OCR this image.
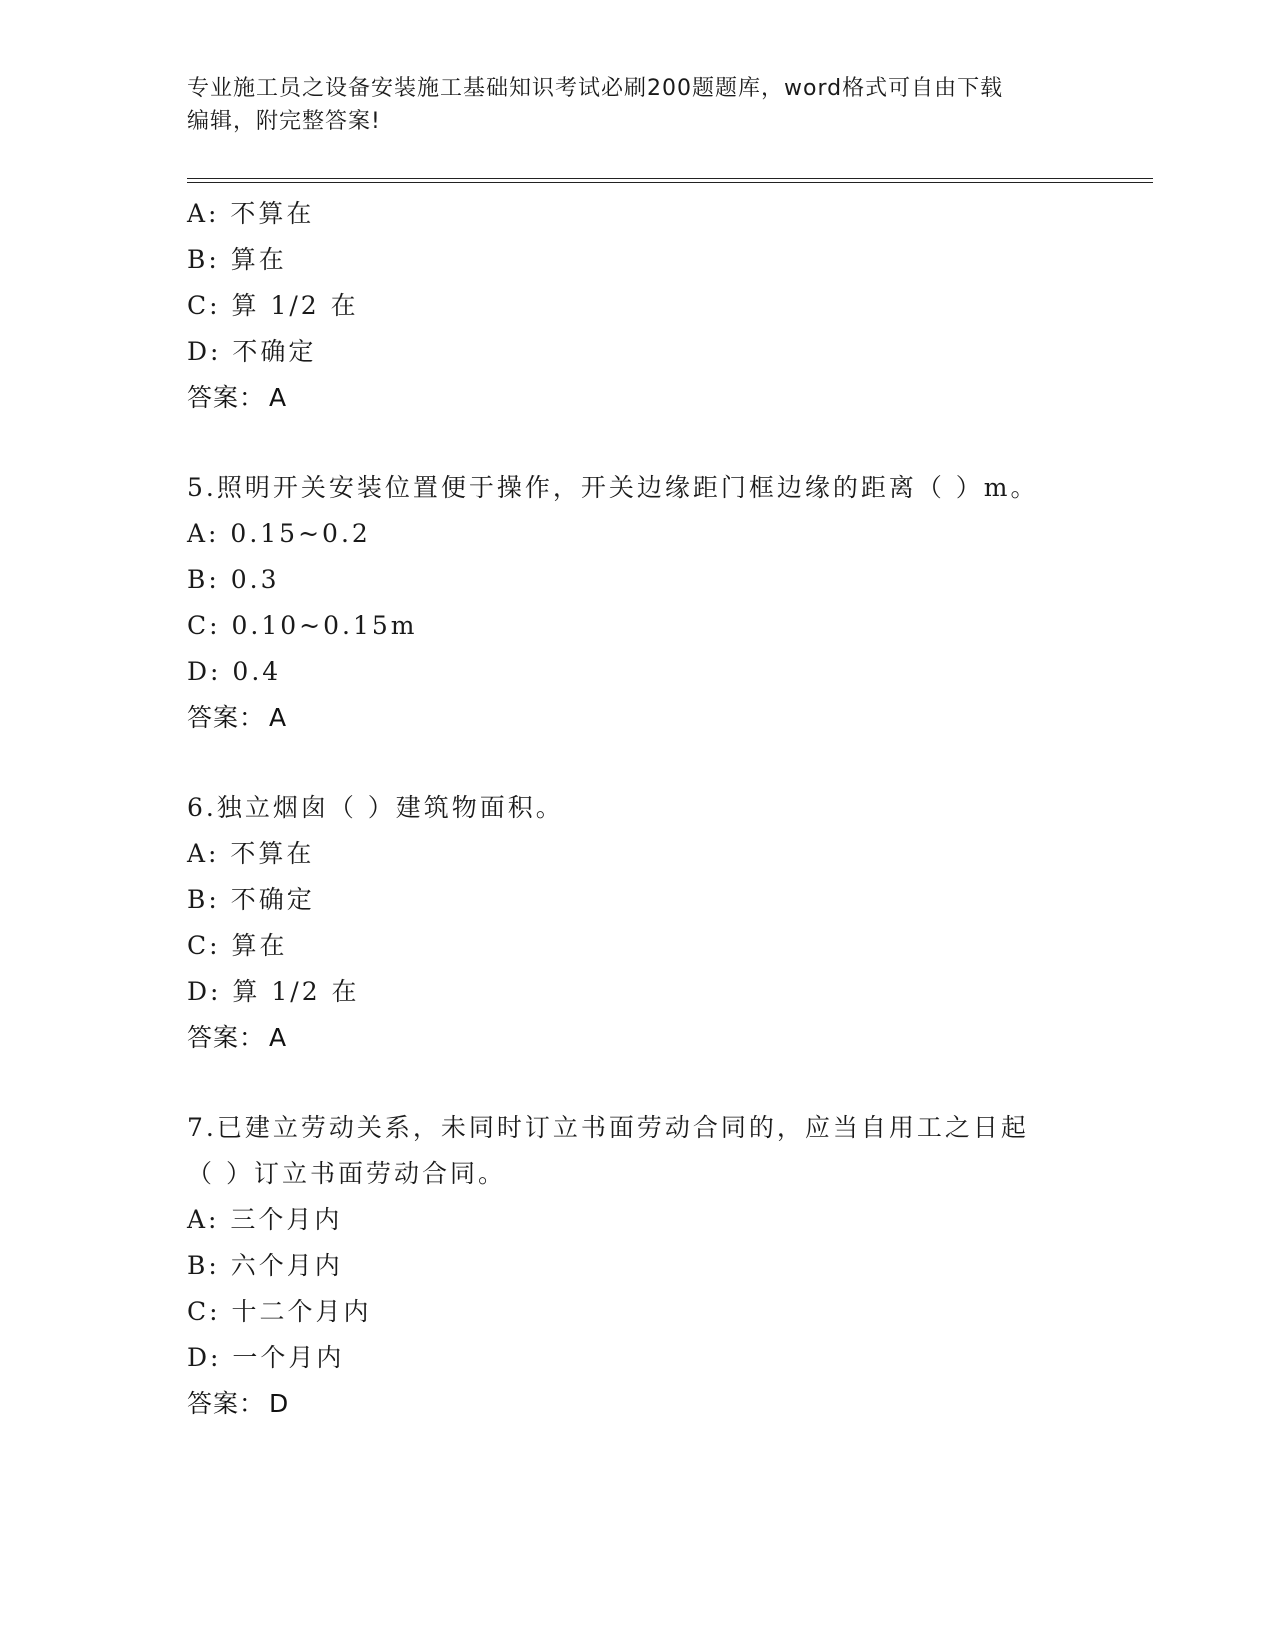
专业施工员之设备安装施工基础知识考试必刷200题题库，word格式可自由下载
编辑，附完整答案!
A: 不算在
B: 算在
C: 算 1/2 在
D: 不确定
答案： A
5.照明开关安装位置便于操作，开关边缘距门框边缘的距离（ ）m。
A: 0.15~0.2
B: 0.3
C: 0.10~0.15m
D: 0.4
答案： A
6.独立烟囱（ ）建筑物面积。
A: 不算在
B: 不确定
C: 算在
D: 算 1/2 在
答案： A
7.已建立劳动关系，未同时订立书面劳动合同的，应当自用工之日起
（ ）订立书面劳动合同。
A: 三个月内
B: 六个月内
C: 十二个月内
D: 一个月内
答案： D
